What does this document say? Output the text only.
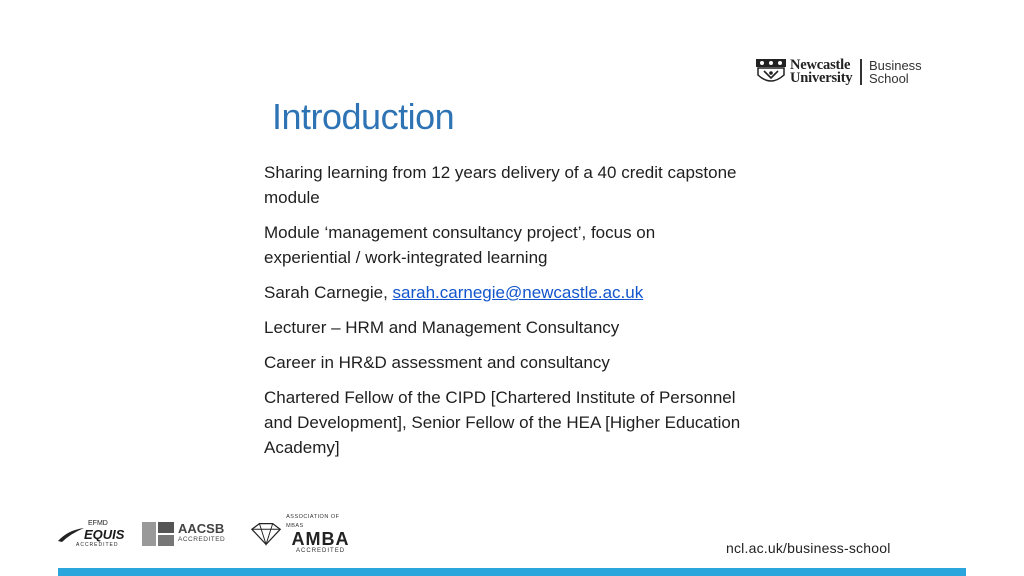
Newcastle
University
Business
School
Introduction
Sharing learning from 12 years delivery of a 40 credit capstone module
Module ‘management consultancy project’, focus on experiential / work-integrated learning
Sarah Carnegie, sarah.carnegie@newcastle.ac.uk
Lecturer – HRM and Management Consultancy
Career in HR&D assessment and consultancy
Chartered Fellow of the CIPD [Chartered Institute of Personnel and Development], Senior Fellow of the HEA [Higher Education Academy]
EFMD
EQUIS
ACCREDITED
AACSB
ACCREDITED
ASSOCIATION OF MBAS
AMBA
ACCREDITED	ncl.ac.uk/business-school
